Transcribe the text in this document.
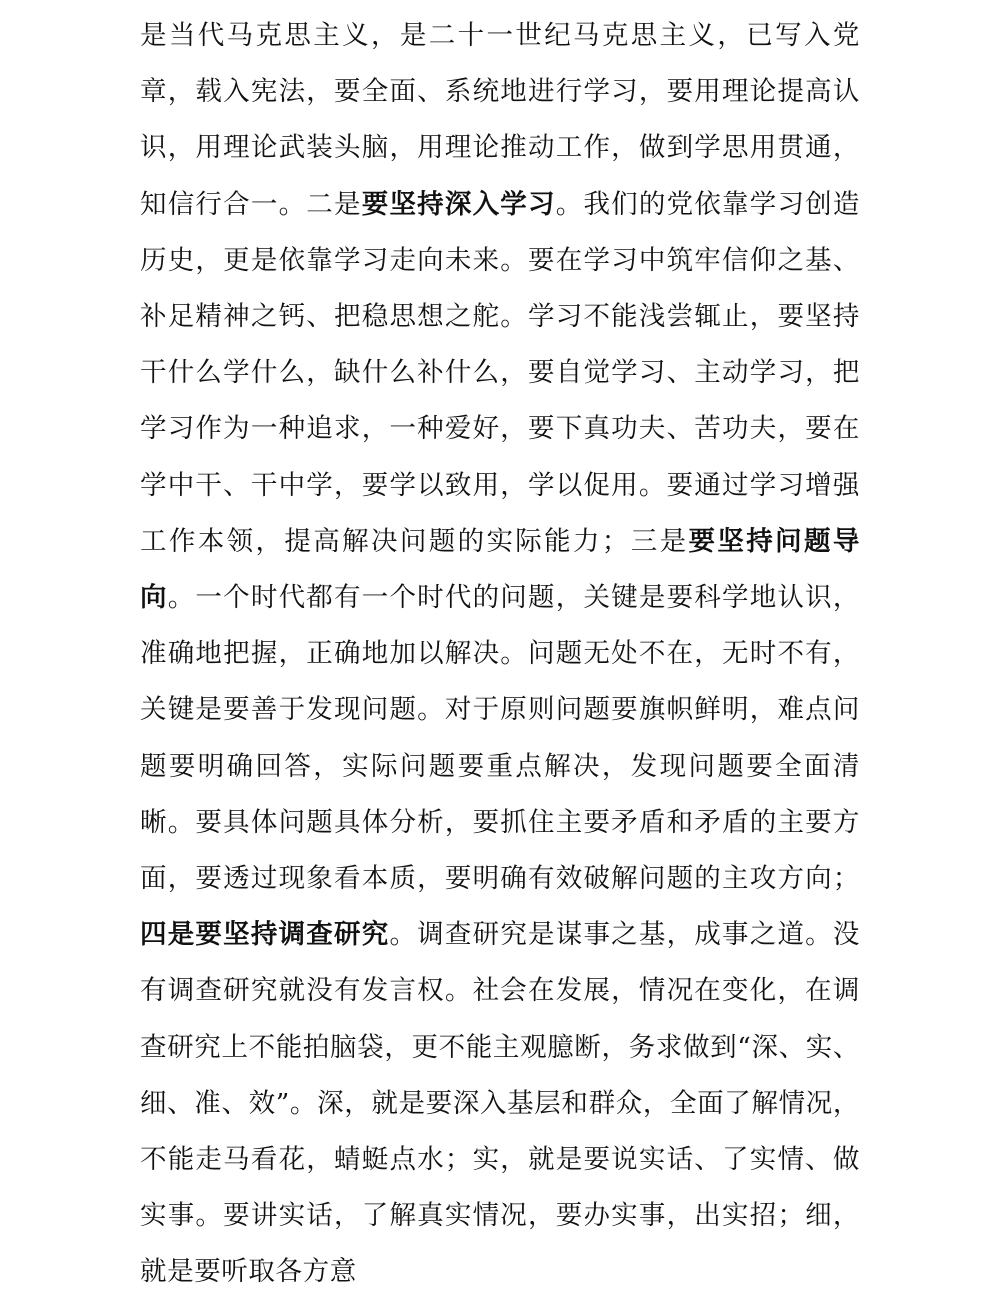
是当代马克思主义，是二十一世纪马克思主义，已写入党章，载入宪法，要全面、系统地进行学习，要用理论提高认识，用理论武装头脑，用理论推动工作，做到学思用贯通，知信行合一。二是要坚持深入学习。我们的党依靠学习创造历史，更是依靠学习走向未来。要在学习中筑牢信仰之基、补足精神之钙、把稳思想之舵。学习不能浅尝辄止，要坚持干什么学什么，缺什么补什么，要自觉学习、主动学习，把学习作为一种追求，一种爱好，要下真功夫、苦功夫，要在学中干、干中学，要学以致用，学以促用。要通过学习增强工作本领，提高解决问题的实际能力；三是要坚持问题导向。一个时代都有一个时代的问题，关键是要科学地认识，准确地把握，正确地加以解决。问题无处不在，无时不有，关键是要善于发现问题。对于原则问题要旗帜鲜明，难点问题要明确回答，实际问题要重点解决，发现问题要全面清晰。要具体问题具体分析，要抓住主要矛盾和矛盾的主要方面，要透过现象看本质，要明确有效破解问题的主攻方向；四是要坚持调查研究。调查研究是谋事之基，成事之道。没有调查研究就没有发言权。社会在发展，情况在变化，在调查研究上不能拍脑袋，更不能主观臆断，务求做到“深、实、细、准、效”。深，就是要深入基层和群众，全面了解情况，不能走马看花，蜻蜓点水；实，就是要说实话、了实情、做实事。要讲实话，了解真实情况，要办实事，出实招；细，就是要听取各方意
